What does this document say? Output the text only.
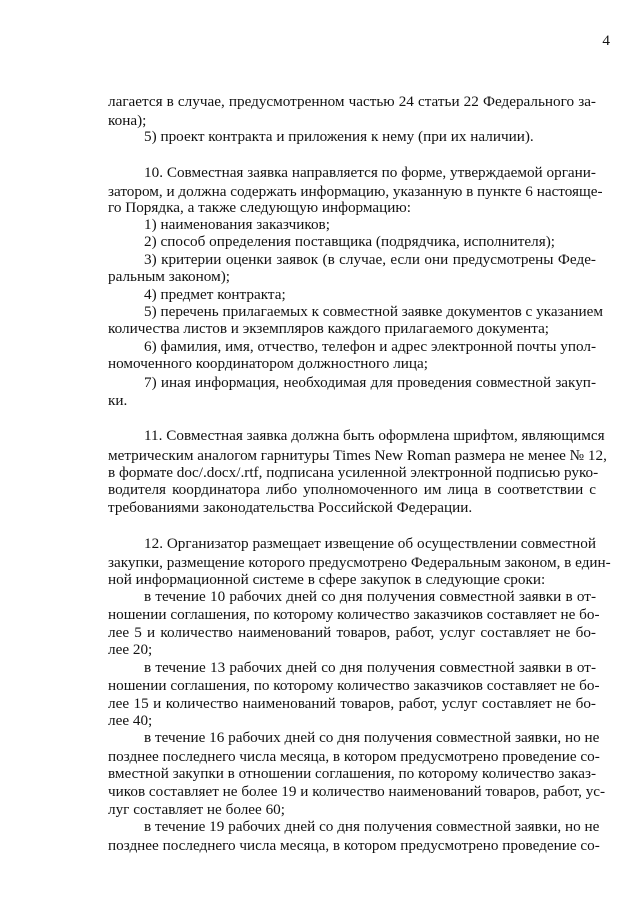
4
лагается в случае, предусмотренном частью 24 статьи 22 Федерального за-
кона);
5) проект контракта и приложения к нему (при их наличии).
10. Совместная заявка направляется по форме, утверждаемой органи-
затором, и должна содержать информацию, указанную в пункте 6 настояще-
го Порядка, а также следующую информацию:
1) наименования заказчиков;
2) способ определения поставщика (подрядчика, исполнителя);
3) критерии оценки заявок (в случае, если они предусмотрены Феде-
ральным законом);
4) предмет контракта;
5) перечень прилагаемых к совместной заявке документов с указанием
количества листов и экземпляров каждого прилагаемого документа;
6) фамилия, имя, отчество, телефон и адрес электронной почты упол-
номоченного координатором должностного лица;
7) иная информация, необходимая для проведения совместной закуп-
ки.
11. Совместная заявка должна быть оформлена шрифтом, являющимся
метрическим аналогом гарнитуры Times New Roman размера не менее № 12,
в формате doc/.docx/.rtf, подписана усиленной электронной подписью руко-
водителя координатора либо уполномоченного им лица в соответствии с
требованиями законодательства Российской Федерации.
12. Организатор размещает извещение об осуществлении совместной
закупки, размещение которого предусмотрено Федеральным законом, в един-
ной информационной системе в сфере закупок в следующие сроки:
в течение 10 рабочих дней со дня получения совместной заявки в от-
ношении соглашения, по которому количество заказчиков составляет не бо-
лее 5 и количество наименований товаров, работ, услуг составляет не бо-
лее 20;
в течение 13 рабочих дней со дня получения совместной заявки в от-
ношении соглашения, по которому количество заказчиков составляет не бо-
лее 15 и количество наименований товаров, работ, услуг составляет не бо-
лее 40;
в течение 16 рабочих дней со дня получения совместной заявки, но не
позднее последнего числа месяца, в котором предусмотрено проведение со-
вместной закупки в отношении соглашения, по которому количество заказ-
чиков составляет не более 19 и количество наименований товаров, работ, ус-
луг составляет не более 60;
в течение 19 рабочих дней со дня получения совместной заявки, но не
позднее последнего числа месяца, в котором предусмотрено проведение со-
